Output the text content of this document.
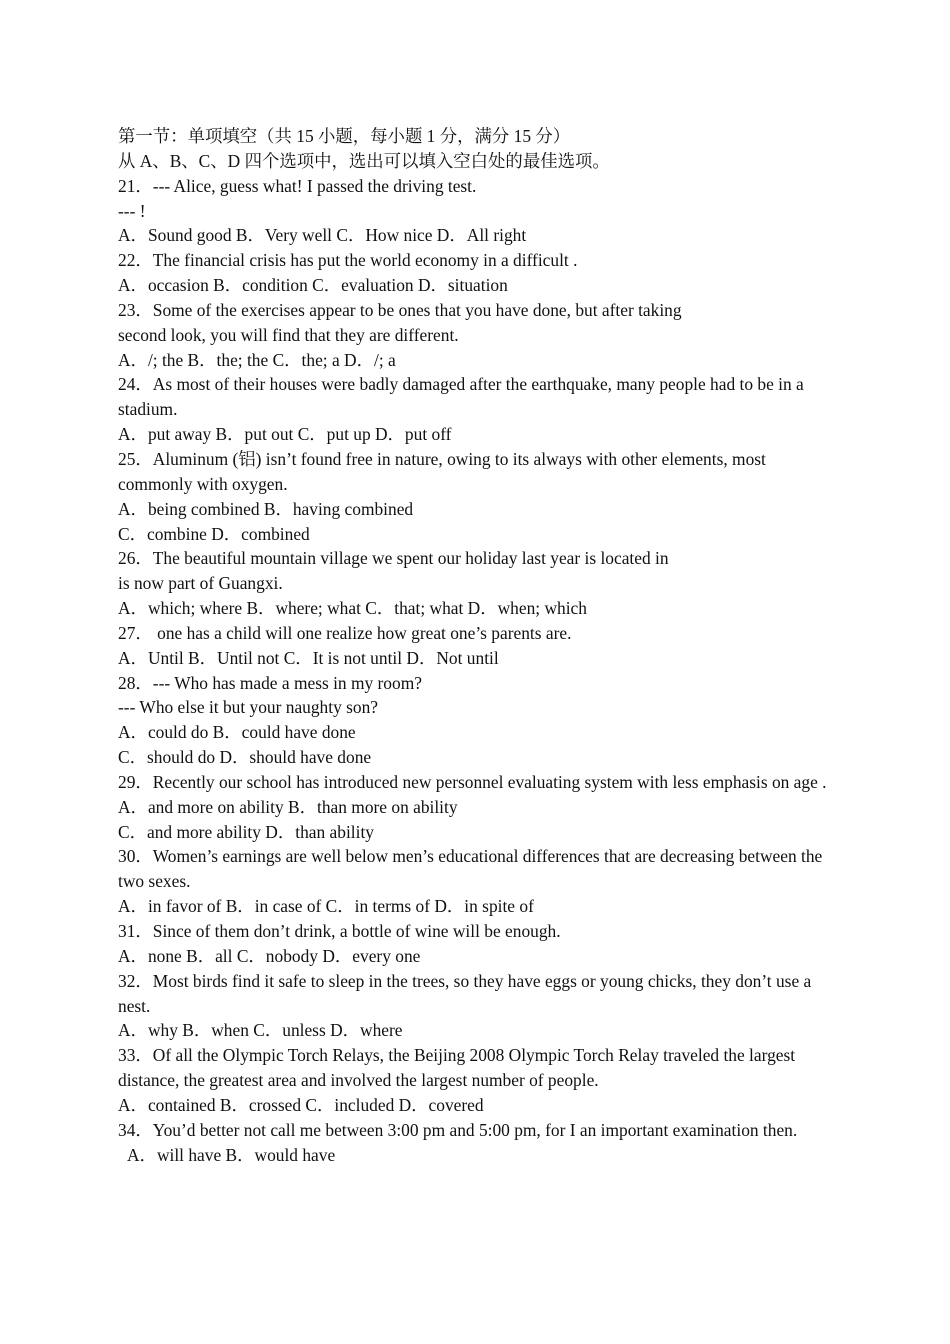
第一节：单项填空（共 15 小题，每小题 1 分，满分 15 分）
从 A、B、C、D 四个选项中，选出可以填入空白处的最佳选项。
21．--- Alice, guess what! I passed the driving test.
--- !
A．Sound good B．Very well C．How nice D．All right
22．The financial crisis has put the world economy in a difficult .
A．occasion B．condition C．evaluation D．situation
23．Some of the exercises appear to be ones that you have done, but after taking
second look, you will find that they are different.
A．/; the B．the; the C．the; a D．/; a
24．As most of their houses were badly damaged after the earthquake, many people had to be in a stadium.
A．put away B．put out C．put up D．put off
25．Aluminum (铝) isn’t found free in nature, owing to its always with other elements, most commonly with oxygen.
A．being combined B．having combined
C．combine D．combined
26．The beautiful mountain village we spent our holiday last year is located in
is now part of Guangxi.
A．which; where B．where; what C．that; what D．when; which
27． one has a child will one realize how great one’s parents are.
A．Until B．Until not C．It is not until D．Not until
28．--- Who has made a mess in my room?
--- Who else it but your naughty son?
A．could do B．could have done
C．should do D．should have done
29．Recently our school has introduced new personnel evaluating system with less emphasis on age .
A．and more on ability B．than more on ability
C．and more ability D．than ability
30．Women’s earnings are well below men’s educational differences that are decreasing between the two sexes.
A．in favor of B．in case of C．in terms of D．in spite of
31．Since of them don’t drink, a bottle of wine will be enough.
A．none B．all C．nobody D．every one
32．Most birds find it safe to sleep in the trees, so they have eggs or young chicks, they don’t use a nest.
A．why B．when C．unless D．where
33．Of all the Olympic Torch Relays, the Beijing 2008 Olympic Torch Relay traveled the largest distance, the greatest area and involved the largest number of people.
A．contained B．crossed C．included D．covered
34．You’d better not call me between 3:00 pm and 5:00 pm, for I an important examination then.
A．will have B．would have
